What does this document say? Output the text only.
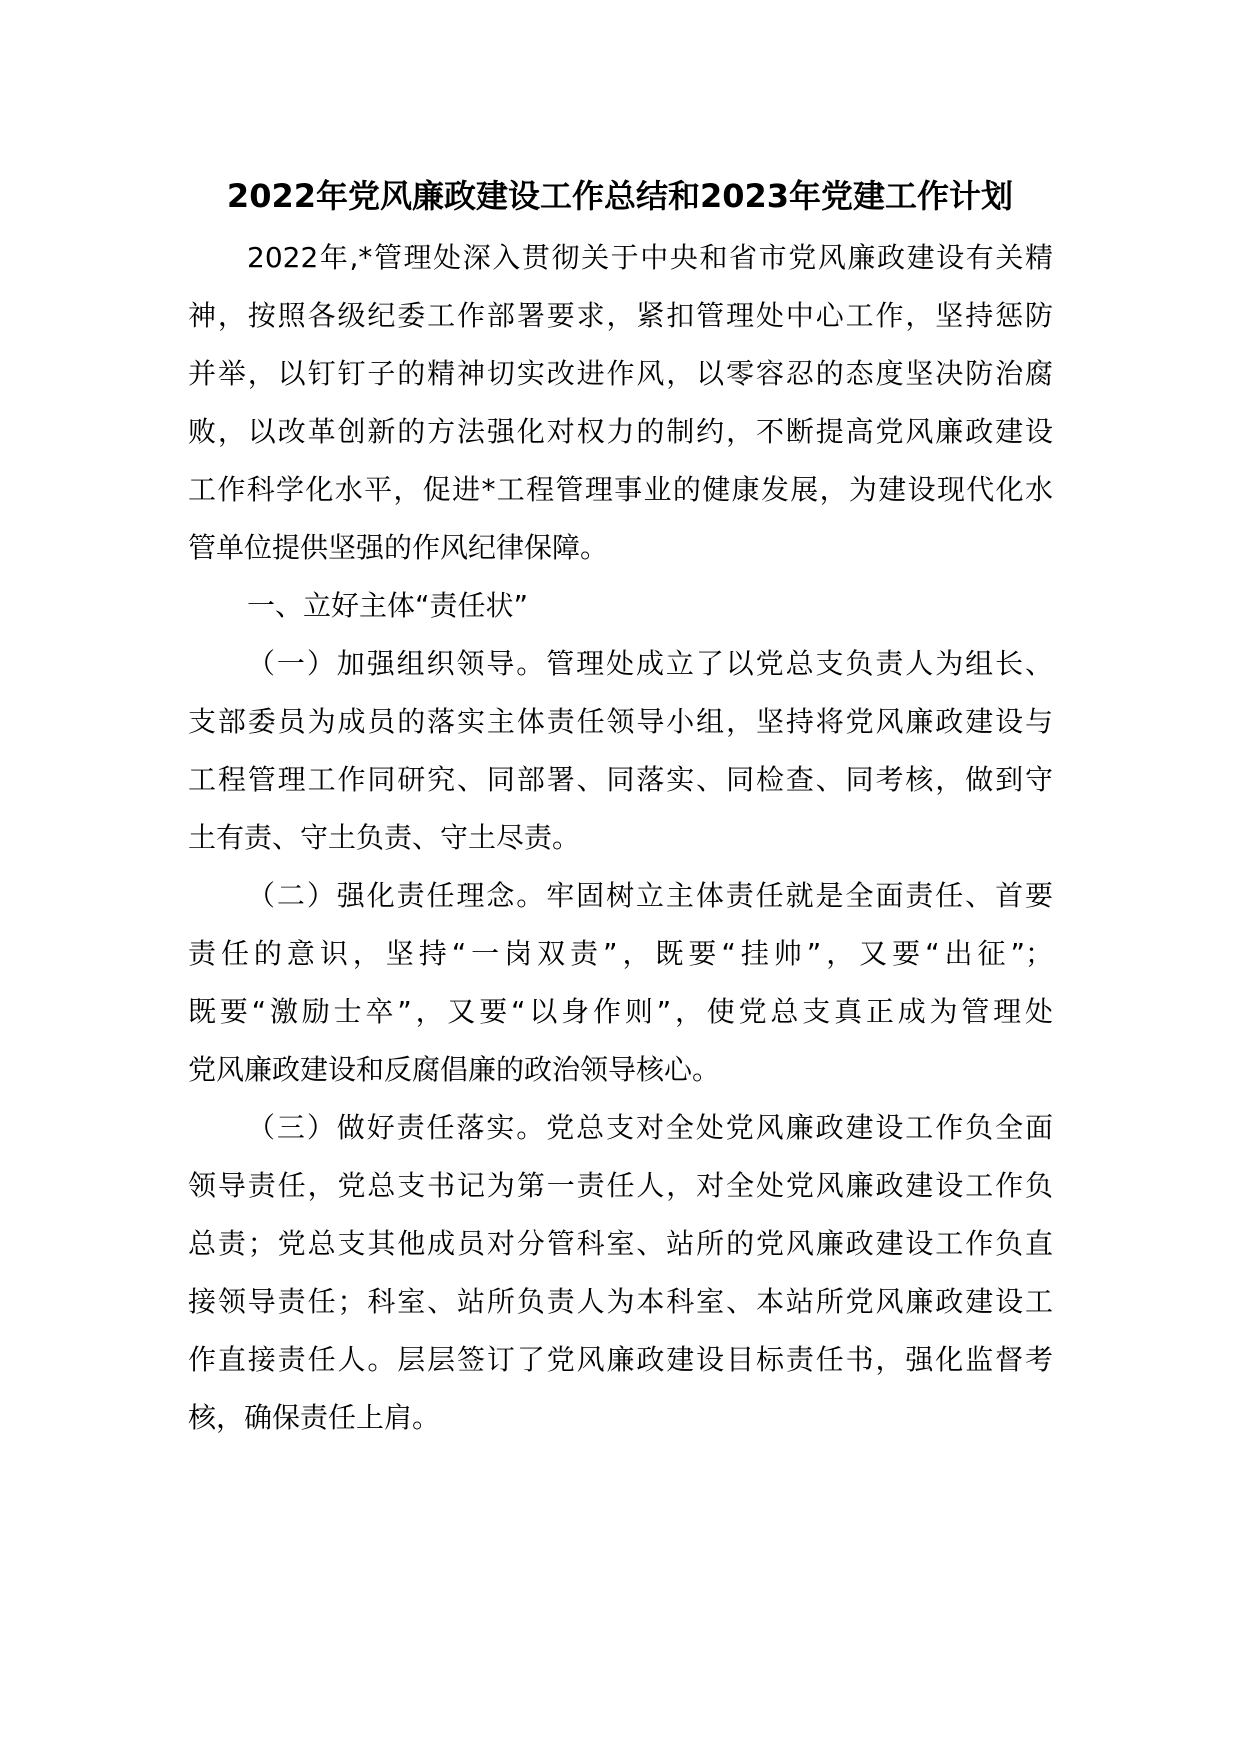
2022年党风廉政建设工作总结和2023年党建工作计划
2022年,*管理处深入贯彻关于中央和省市党风廉政建设有关精
神，按照各级纪委工作部署要求，紧扣管理处中心工作，坚持惩防
并举，以钉钉子的精神切实改进作风，以零容忍的态度坚决防治腐
败，以改革创新的方法强化对权力的制约，不断提高党风廉政建设
工作科学化水平，促进*工程管理事业的健康发展，为建设现代化水
管单位提供坚强的作风纪律保障。
一、立好主体“责任状”
（一）加强组织领导。管理处成立了以党总支负责人为组长、
支部委员为成员的落实主体责任领导小组，坚持将党风廉政建设与
工程管理工作同研究、同部署、同落实、同检查、同考核，做到守
土有责、守土负责、守土尽责。
（二）强化责任理念。牢固树立主体责任就是全面责任、首要
责任的意识，坚持“一岗双责”，既要“挂帅”，又要“出征”；
既要“激励士卒”，又要“以身作则”，使党总支真正成为管理处
党风廉政建设和反腐倡廉的政治领导核心。
（三）做好责任落实。党总支对全处党风廉政建设工作负全面
领导责任，党总支书记为第一责任人，对全处党风廉政建设工作负
总责；党总支其他成员对分管科室、站所的党风廉政建设工作负直
接领导责任；科室、站所负责人为本科室、本站所党风廉政建设工
作直接责任人。层层签订了党风廉政建设目标责任书，强化监督考
核，确保责任上肩。
